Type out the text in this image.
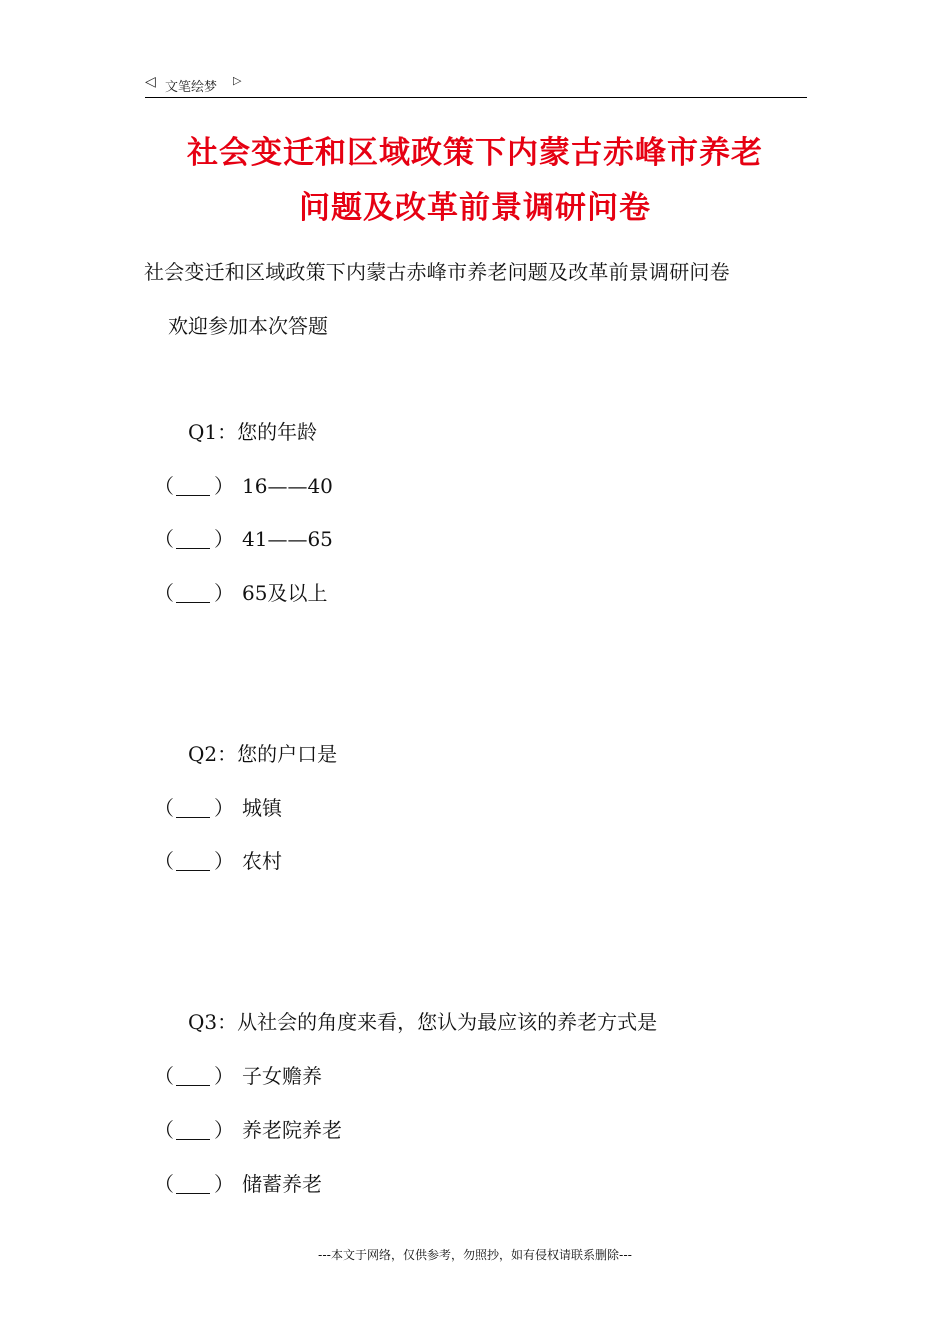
◁ 文笔绘梦 ▷
社会变迁和区域政策下内蒙古赤峰市养老
问题及改革前景调研问卷
社会变迁和区域政策下内蒙古赤峰市养老问题及改革前景调研问卷
欢迎参加本次答题
Q1：您的年龄
（ ） 16——40
（ ） 41——65
（ ） 65及以上
Q2：您的户口是
（ ） 城镇
（ ） 农村
Q3：从社会的角度来看，您认为最应该的养老方式是
（ ） 子女赡养
（ ） 养老院养老
（ ） 储蓄养老
---本文于网络，仅供参考，勿照抄，如有侵权请联系删除---
